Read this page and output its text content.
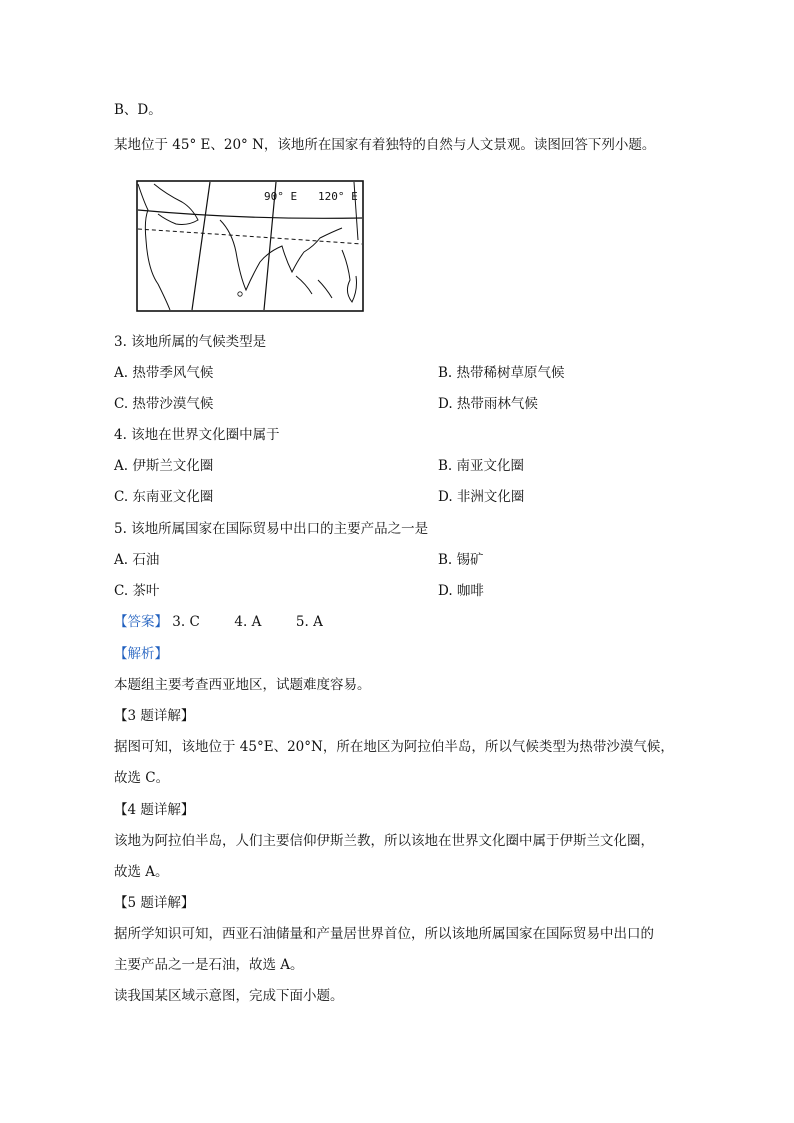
B、D。
某地位于 45° E、20° N，该地所在国家有着独特的自然与人文景观。读图回答下列小题。
90° E 120° E
3. 该地所属的气候类型是
A. 热带季风气候	B. 热带稀树草原气候
C. 热带沙漠气候	D. 热带雨林气候
4. 该地在世界文化圈中属于
A. 伊斯兰文化圈	B. 南亚文化圈
C. 东南亚文化圈	D. 非洲文化圈
5. 该地所属国家在国际贸易中出口的主要产品之一是
A. 石油	B. 锡矿
C. 茶叶	D. 咖啡
【答案】 3. C	4. A	5. A
【解析】
本题组主要考查西亚地区，试题难度容易。
【3 题详解】
据图可知，该地位于 45°E、20°N，所在地区为阿拉伯半岛，所以气候类型为热带沙漠气候，
故选 C。
【4 题详解】
该地为阿拉伯半岛，人们主要信仰伊斯兰教，所以该地在世界文化圈中属于伊斯兰文化圈，
故选 A。
【5 题详解】
据所学知识可知，西亚石油储量和产量居世界首位，所以该地所属国家在国际贸易中出口的
主要产品之一是石油，故选 A。
读我国某区域示意图，完成下面小题。
